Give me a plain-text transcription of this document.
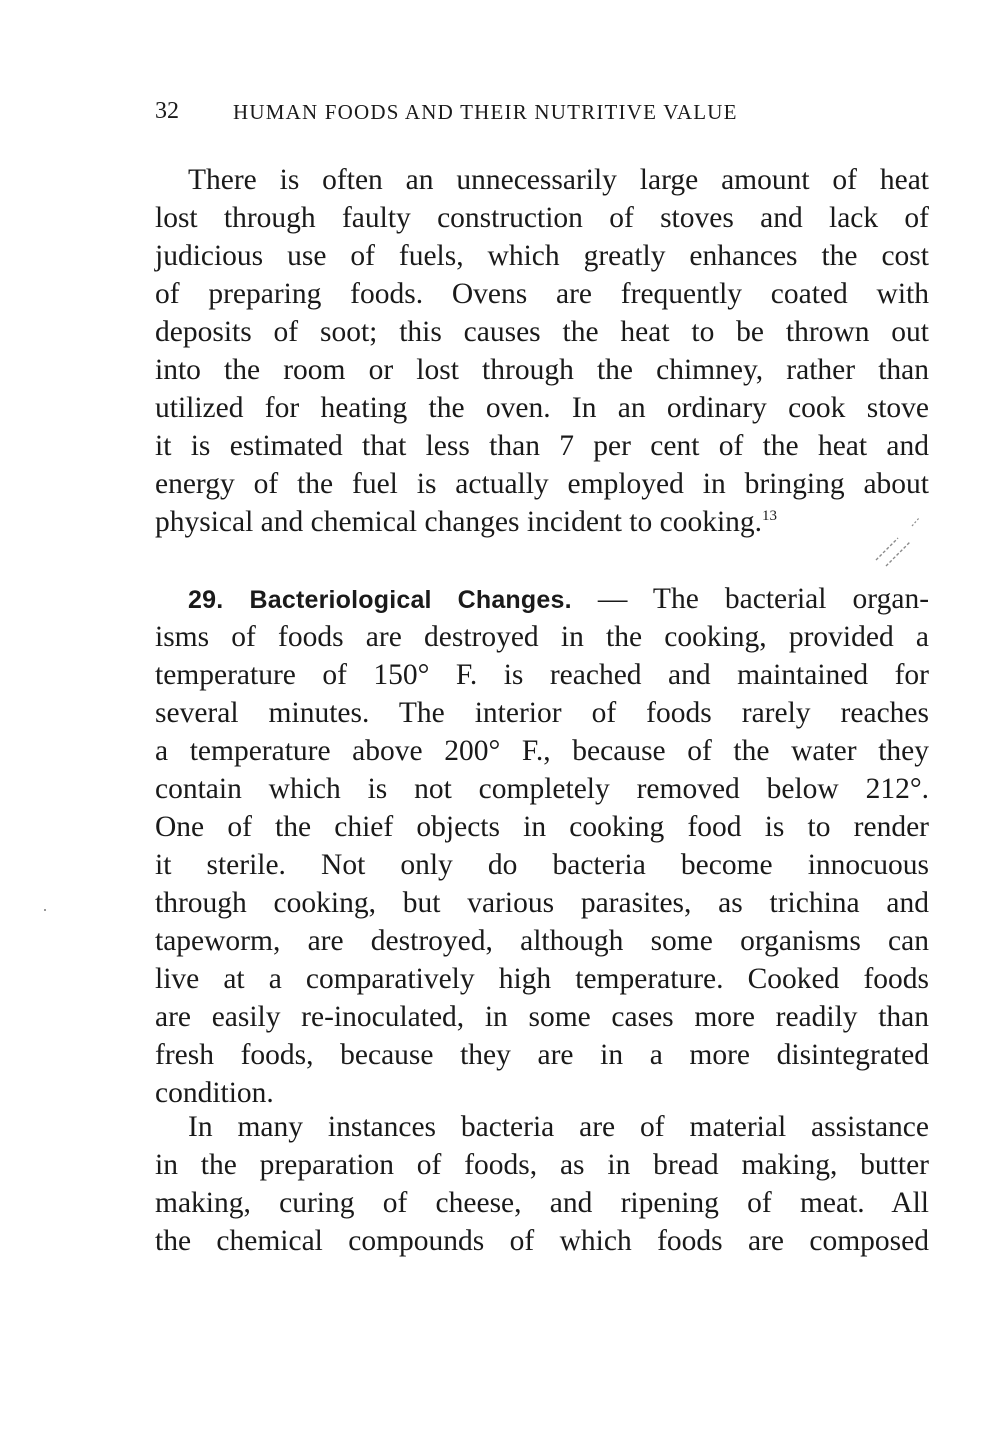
32	HUMAN FOODS AND THEIR NUTRITIVE VALUE
There is often an unnecessarily large amount of heat
lost through faulty construction of stoves and lack of
judicious use of fuels, which greatly enhances the cost
of preparing foods. Ovens are frequently coated with
deposits of soot; this causes the heat to be thrown out
into the room or lost through the chimney, rather than
utilized for heating the oven. In an ordinary cook stove
it is estimated that less than 7 per cent of the heat and
energy of the fuel is actually employed in bringing about
physical and chemical changes incident to cooking.$^{13}$
29. Bacteriological Changes. — The bacterial organ-
isms of foods are destroyed in the cooking, provided a
temperature of 150° F. is reached and maintained for
several minutes. The interior of foods rarely reaches
a temperature above 200° F., because of the water they
contain which is not completely removed below 212°.
One of the chief objects in cooking food is to render
it sterile. Not only do bacteria become innocuous
through cooking, but various parasites, as trichina and
tapeworm, are destroyed, although some organisms can
live at a comparatively high temperature. Cooked foods
are easily re-inoculated, in some cases more readily than
fresh foods, because they are in a more disintegrated
condition.
In many instances bacteria are of material assistance
in the preparation of foods, as in bread making, butter
making, curing of cheese, and ripening of meat. All
the chemical compounds of which foods are composed
